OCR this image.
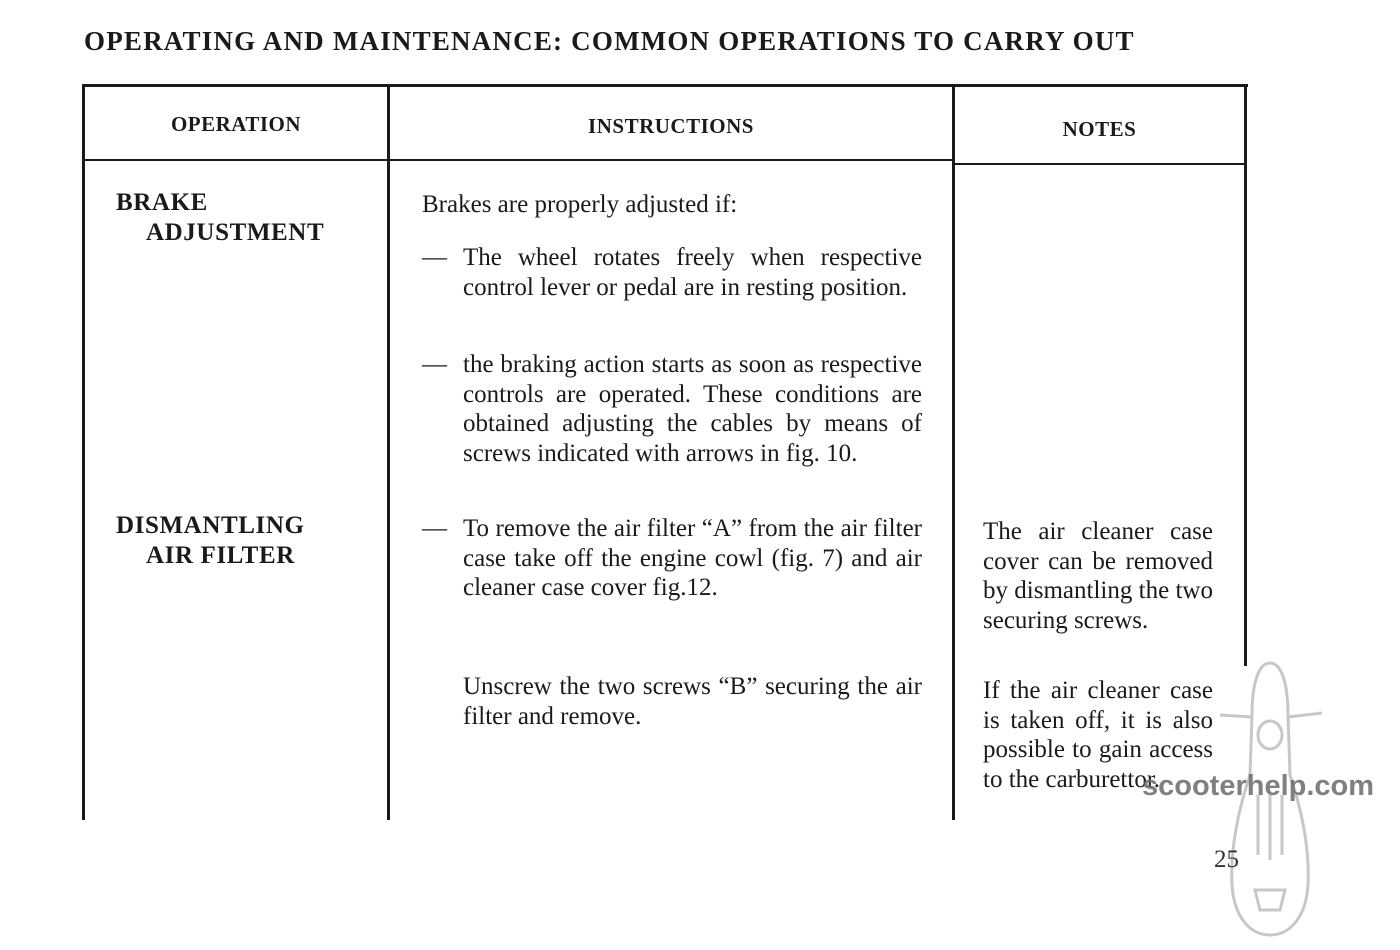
OPERATING AND MAINTENANCE: COMMON OPERATIONS TO CARRY OUT
OPERATION	INSTRUCTIONS	NOTES
BRAKE
ADJUSTMENT
Brakes are properly adjusted if:
— The wheel rotates freely when respective control lever or pedal are in resting position.
— the braking action starts as soon as respective controls are operated. These conditions are obtained adjusting the cables by means of screws indicated with arrows in fig. 10.
DISMANTLING
AIR FILTER
— To remove the air filter “A” from the air filter case take off the engine cowl (fig. 7) and air cleaner case cover fig.12.
Unscrew the two screws “B” securing the air filter and remove.
The air cleaner case cover can be removed by dismantling the two securing screws.
If the air cleaner case is taken off, it is also possible to gain access to the carburettor.
scooterhelp.com
25
